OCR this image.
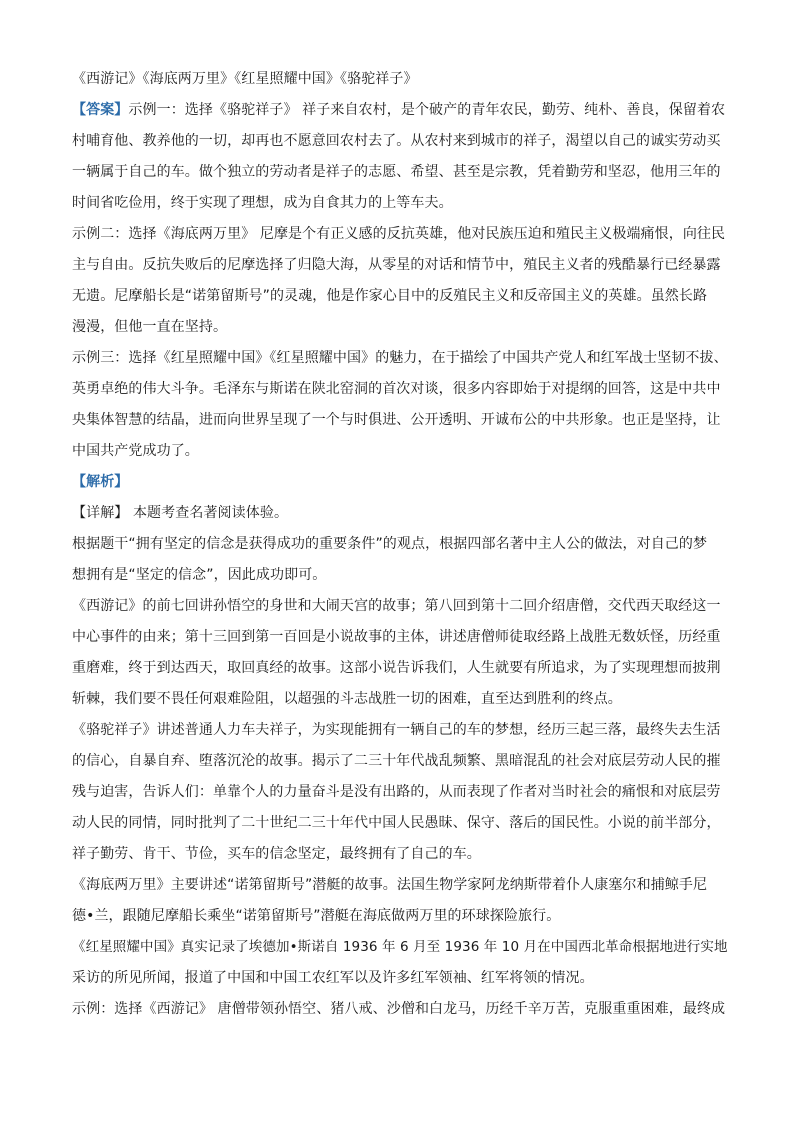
《西游记》《海底两万里》《红星照耀中国》《骆驼祥子》
【答案】示例一：选择《骆驼祥子》 祥子来自农村，是个破产的青年农民，勤劳、纯朴、善良，保留着农
村哺育他、教养他的一切，却再也不愿意回农村去了。从农村来到城市的祥子，渴望以自己的诚实劳动买
一辆属于自己的车。做个独立的劳动者是祥子的志愿、希望、甚至是宗教，凭着勤劳和坚忍，他用三年的
时间省吃俭用，终于实现了理想，成为自食其力的上等车夫。
示例二：选择《海底两万里》 尼摩是个有正义感的反抗英雄，他对民族压迫和殖民主义极端痛恨，向往民
主与自由。反抗失败后的尼摩选择了归隐大海，从零星的对话和情节中，殖民主义者的残酷暴行已经暴露
无遗。尼摩船长是“诺第留斯号”的灵魂，他是作家心目中的反殖民主义和反帝国主义的英雄。虽然长路
漫漫，但他一直在坚持。
示例三：选择《红星照耀中国》《红星照耀中国》的魅力，在于描绘了中国共产党人和红军战士坚韧不拔、
英勇卓绝的伟大斗争。毛泽东与斯诺在陕北窑洞的首次对谈，很多内容即始于对提纲的回答，这是中共中
央集体智慧的结晶，进而向世界呈现了一个与时俱进、公开透明、开诚布公的中共形象。也正是坚持，让
中国共产党成功了。
【解析】
【详解】 本题考查名著阅读体验。
根据题干“拥有坚定的信念是获得成功的重要条件”的观点，根据四部名著中主人公的做法，对自己的梦
想拥有是“坚定的信念”，因此成功即可。
《西游记》的前七回讲孙悟空的身世和大闹天宫的故事；第八回到第十二回介绍唐僧，交代西天取经这一
中心事件的由来；第十三回到第一百回是小说故事的主体，讲述唐僧师徒取经路上战胜无数妖怪，历经重
重磨难，终于到达西天，取回真经的故事。这部小说告诉我们，人生就要有所追求，为了实现理想而披荆
斩棘，我们要不畏任何艰难险阻，以超强的斗志战胜一切的困难，直至达到胜利的终点。
《骆驼祥子》讲述普通人力车夫祥子，为实现能拥有一辆自己的车的梦想，经历三起三落，最终失去生活
的信心，自暴自弃、堕落沉沦的故事。揭示了二三十年代战乱频繁、黑暗混乱的社会对底层劳动人民的摧
残与迫害，告诉人们：单靠个人的力量奋斗是没有出路的，从而表现了作者对当时社会的痛恨和对底层劳
动人民的同情，同时批判了二十世纪二三十年代中国人民愚昧、保守、落后的国民性。小说的前半部分，
祥子勤劳、肯干、节俭，买车的信念坚定，最终拥有了自己的车。
《海底两万里》主要讲述“诺第留斯号”潜艇的故事。法国生物学家阿龙纳斯带着仆人康塞尔和捕鲸手尼
德•兰，跟随尼摩船长乘坐“诺第留斯号”潜艇在海底做两万里的环球探险旅行。
《红星照耀中国》真实记录了埃德加•斯诺自 1936 年 6 月至 1936 年 10 月在中国西北革命根据地进行实地
采访的所见所闻，报道了中国和中国工农红军以及许多红军领袖、红军将领的情况。
示例：选择《西游记》 唐僧带领孙悟空、猪八戒、沙僧和白龙马，历经千辛万苦，克服重重困难，最终成
